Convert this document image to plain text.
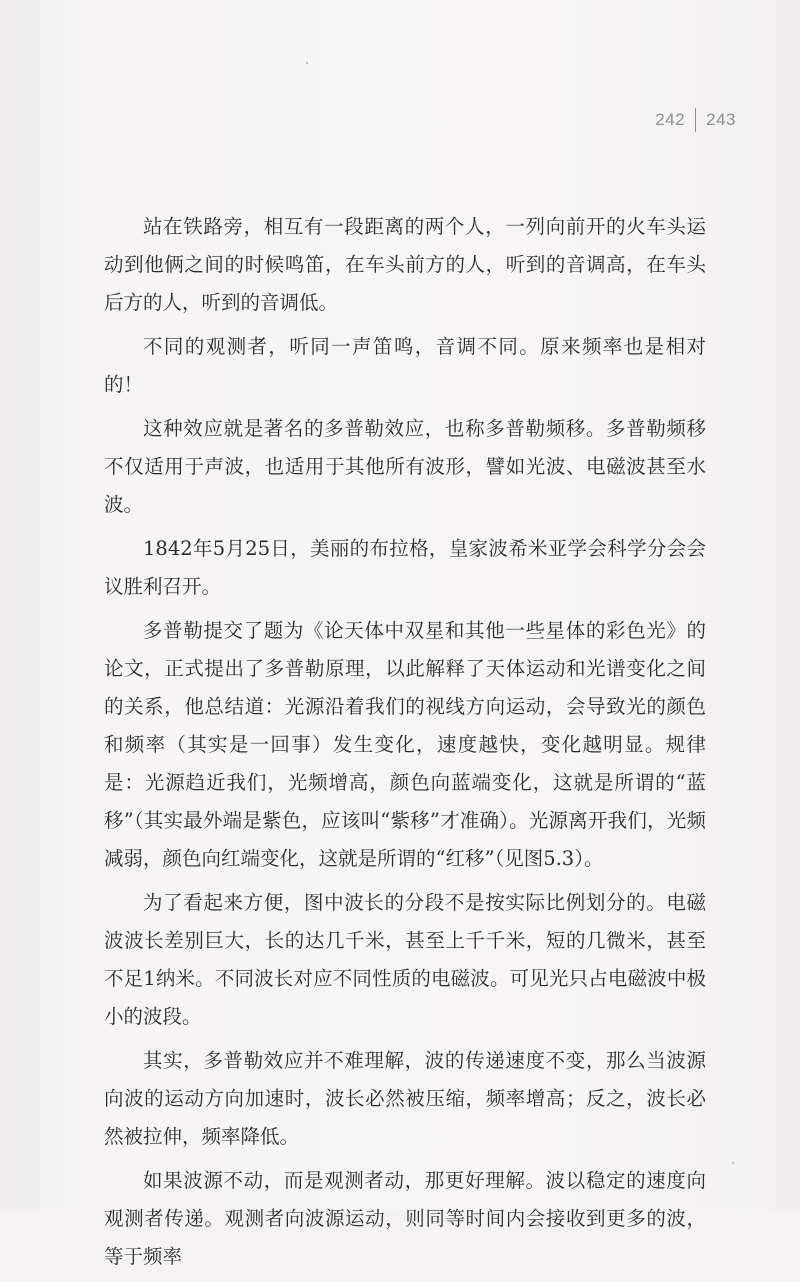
242 243

站在铁路旁，相互有一段距离的两个人，一列向前开的火车头运动到他俩之间的时候鸣笛，在车头前方的人，听到的音调高，在车头后方的人，听到的音调低。

不同的观测者，听同一声笛鸣，音调不同。原来频率也是相对的！

这种效应就是著名的多普勒效应，也称多普勒频移。多普勒频移不仅适用于声波，也适用于其他所有波形，譬如光波、电磁波甚至水波。

1842年5月25日，美丽的布拉格，皇家波希米亚学会科学分会会议胜利召开。

多普勒提交了题为《论天体中双星和其他一些星体的彩色光》的论文，正式提出了多普勒原理，以此解释了天体运动和光谱变化之间的关系，他总结道：光源沿着我们的视线方向运动，会导致光的颜色和频率（其实是一回事）发生变化，速度越快，变化越明显。规律是：光源趋近我们，光频增高，颜色向蓝端变化，这就是所谓的“蓝移”（其实最外端是紫色，应该叫“紫移”才准确）。光源离开我们，光频减弱，颜色向红端变化，这就是所谓的“红移”（见图5.3）。

为了看起来方便，图中波长的分段不是按实际比例划分的。电磁波波长差别巨大，长的达几千米，甚至上千千米，短的几微米，甚至不足1纳米。不同波长对应不同性质的电磁波。可见光只占电磁波中极小的波段。

其实，多普勒效应并不难理解，波的传递速度不变，那么当波源向波的运动方向加速时，波长必然被压缩，频率增高；反之，波长必然被拉伸，频率降低。

如果波源不动，而是观测者动，那更好理解。波以稳定的速度向观测者传递。观测者向波源运动，则同等时间内会接收到更多的波，等于频率
